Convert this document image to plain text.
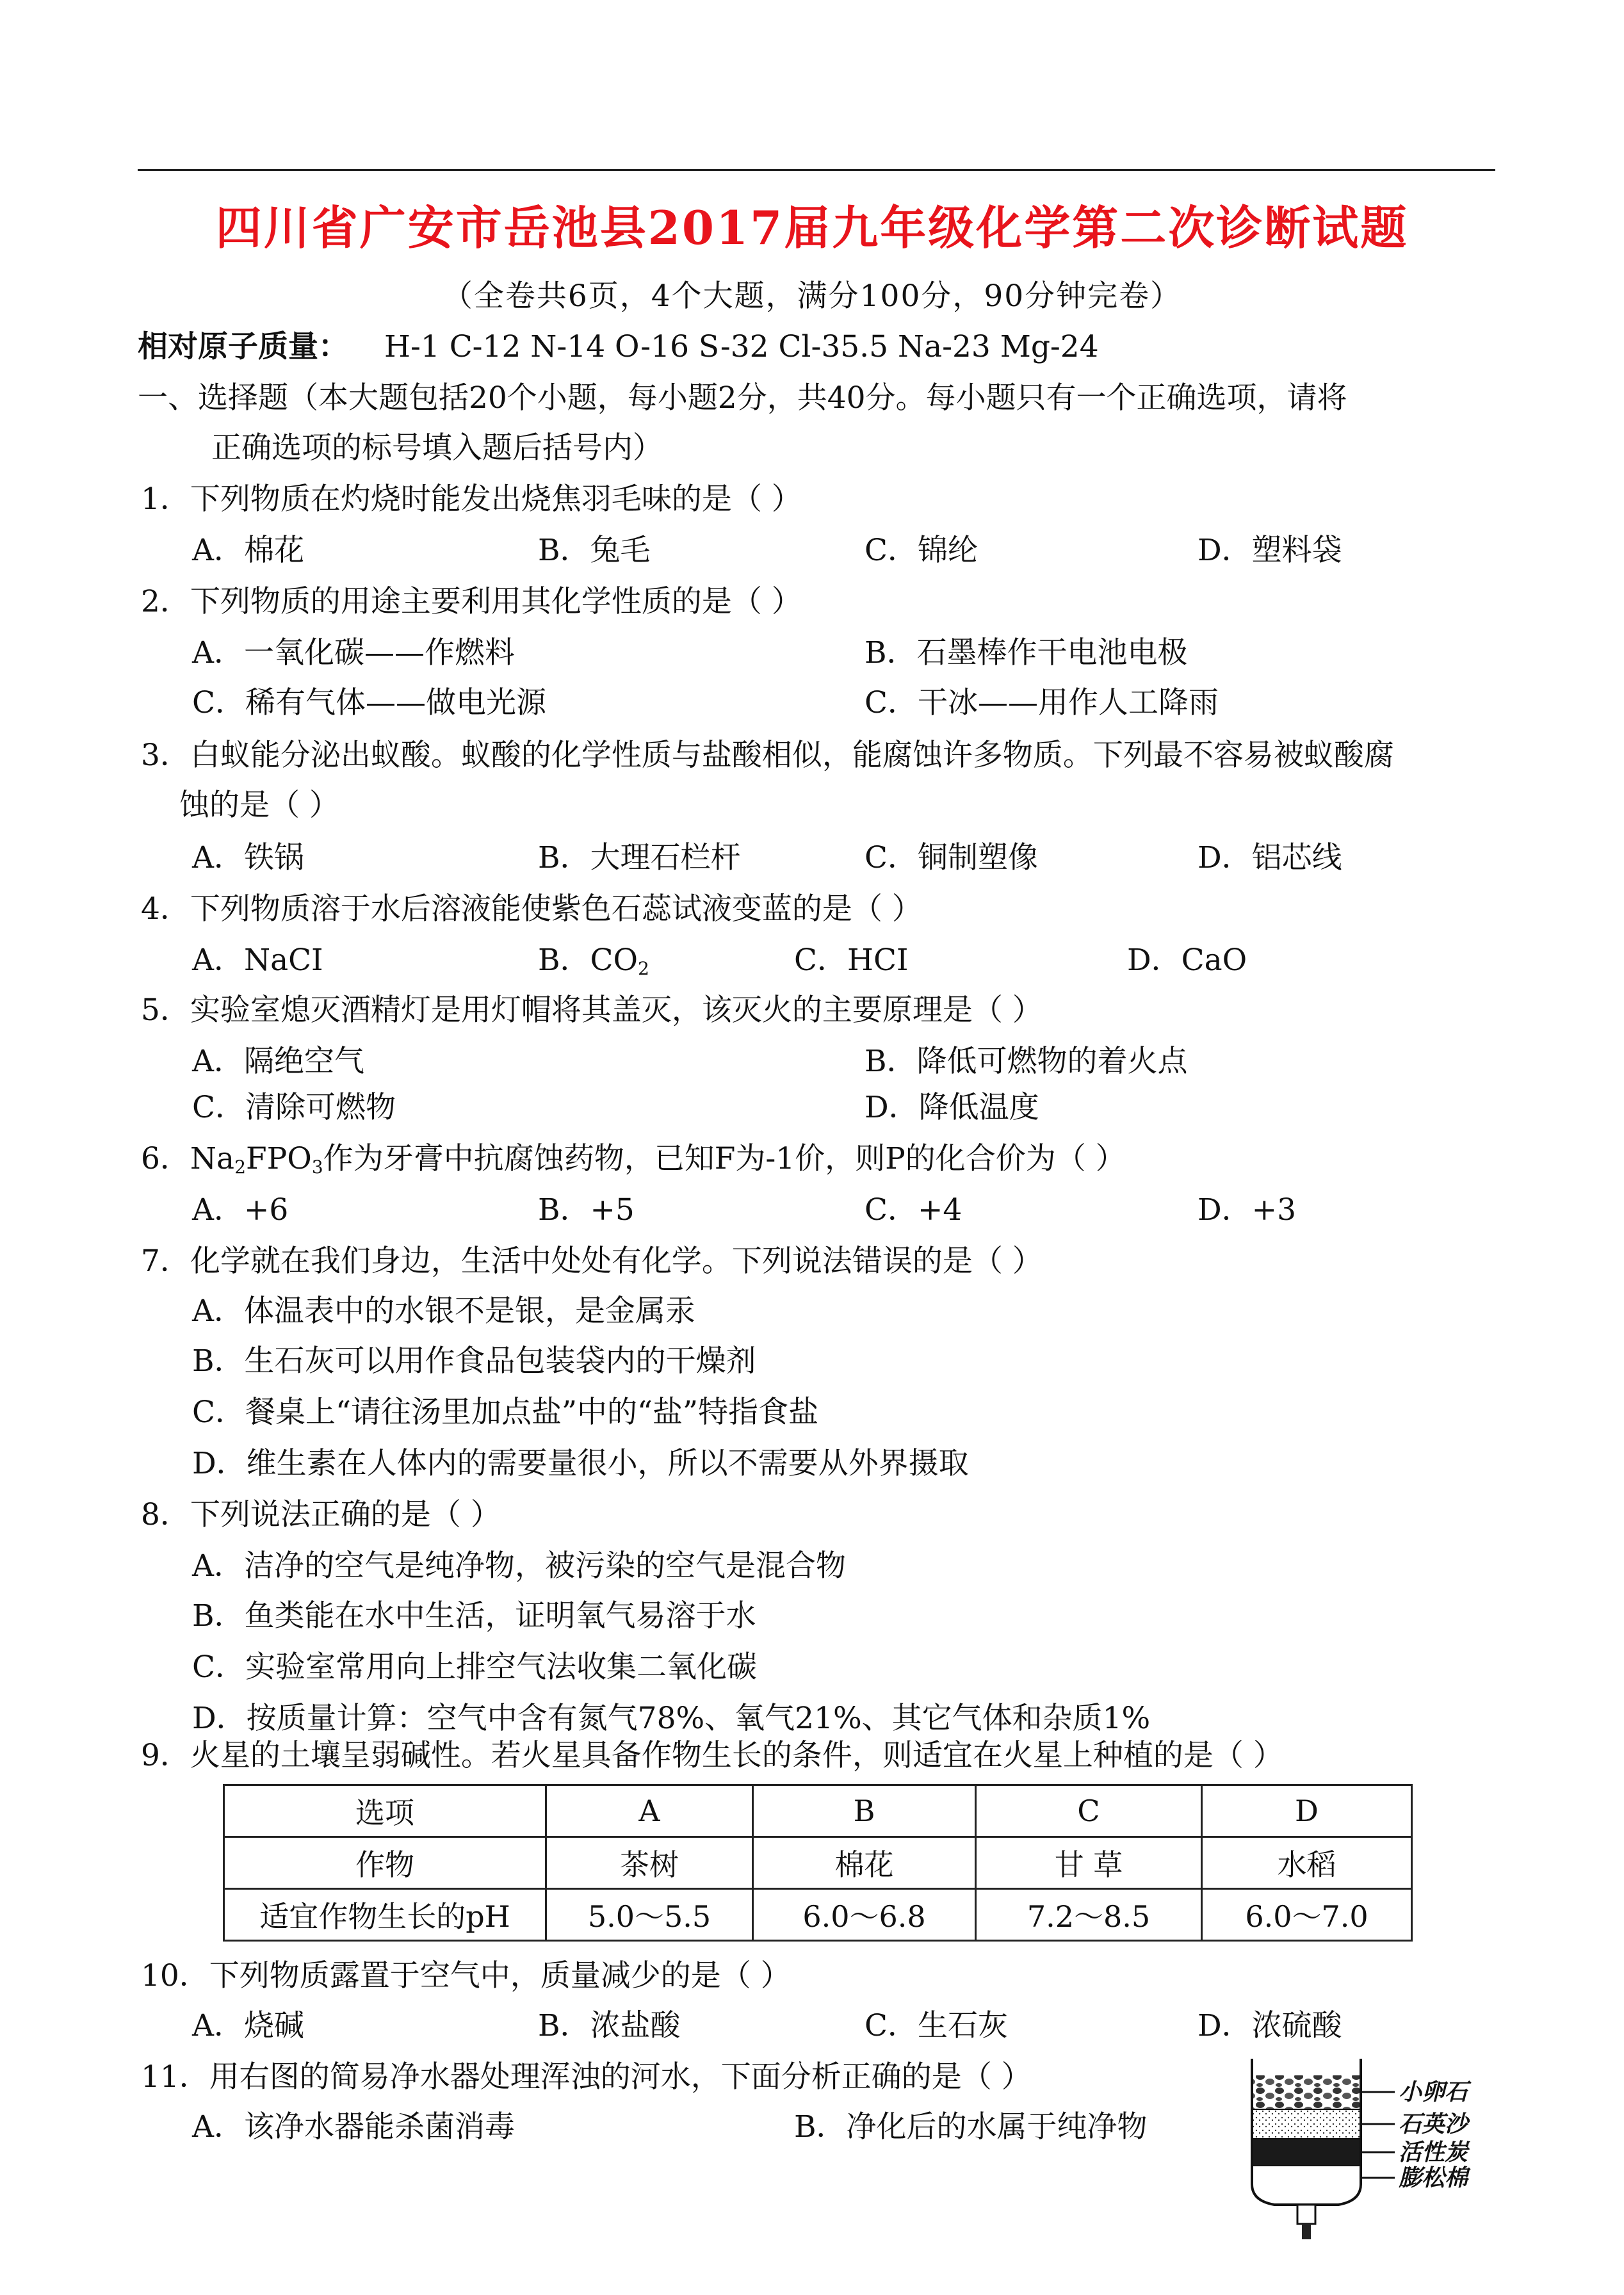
四川省广安市岳池县2017届九年级化学第二次诊断试题
（全卷共6页，4个大题，满分100分，90分钟完卷）
相对原子质量： H-1 C-12 N-14 O-16 S-32 Cl-35.5 Na-23 Mg-24
一、选择题（本大题包括20个小题，每小题2分，共40分。每小题只有一个正确选项，请将
正确选项的标号填入题后括号内）
1．下列物质在灼烧时能发出烧焦羽毛味的是（ ）
A．棉花	B．兔毛	C．锦纶	D．塑料袋
2．下列物质的用途主要利用其化学性质的是（ ）
A．一氧化碳——作燃料	B．石墨棒作干电池电极
C．稀有气体——做电光源	C．干冰——用作人工降雨
3．白蚁能分泌出蚁酸。蚁酸的化学性质与盐酸相似，能腐蚀许多物质。下列最不容易被蚁酸腐
蚀的是（ ）
A．铁锅	B．大理石栏杆	C．铜制塑像	D．铝芯线
4．下列物质溶于水后溶液能使紫色石蕊试液变蓝的是（ ）
A．NaCI	B．$CO_2$	C．HCI	D．CaO
5．实验室熄灭酒精灯是用灯帽将其盖灭，该灭火的主要原理是（ ）
A．隔绝空气	B．降低可燃物的着火点
C．清除可燃物	D．降低温度
6．$Na_2FPO_3$作为牙膏中抗腐蚀药物，已知F为-1价，则P的化合价为（ ）
A．+6	B．+5	C．+4	D．+3
7．化学就在我们身边，生活中处处有化学。下列说法错误的是（ ）
A．体温表中的水银不是银，是金属汞
B．生石灰可以用作食品包装袋内的干燥剂
C．餐桌上“请往汤里加点盐”中的“盐”特指食盐
D．维生素在人体内的需要量很小，所以不需要从外界摄取
8．下列说法正确的是（ ）
A．洁净的空气是纯净物，被污染的空气是混合物
B．鱼类能在水中生活，证明氧气易溶于水
C．实验室常用向上排空气法收集二氧化碳
D．按质量计算：空气中含有氮气78%、氧气21%、其它气体和杂质1%
9．火星的土壤呈弱碱性。若火星具备作物生长的条件，则适宜在火星上种植的是（ ）
选项	A	B	C	D
作物	茶树	棉花	甘 草	水稻
适宜作物生长的pH	5.0～5.5	6.0～6.8	7.2～8.5	6.0～7.0
10．下列物质露置于空气中，质量减少的是（ ）
A．烧碱	B．浓盐酸	C．生石灰	D．浓硫酸
11．用右图的简易净水器处理浑浊的河水，下面分析正确的是（ ）
A．该净水器能杀菌消毒	B．净化后的水属于纯净物
小卵石
石英沙
活性炭
膨松棉
